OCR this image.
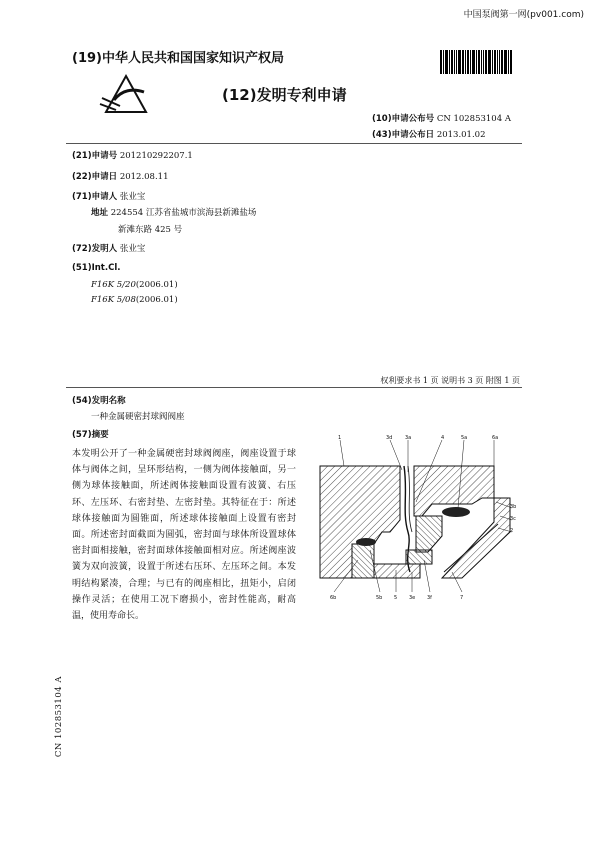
中国泵阀第一网(pv001.com)
(19)中华人民共和国国家知识产权局
(12)发明专利申请
(10)申请公布号 CN 102853104 A
(43)申请公布日 2013.01.02
(21)申请号 201210292207.1
(22)申请日 2012.08.11
(71)申请人 张业宝
地址 224554 江苏省盐城市滨海县新滩盐场
新滩东路 425 号
(72)发明人 张业宝
(51)Int.Cl.
F16K 5/20(2006.01)
F16K 5/08(2006.01)
权利要求书 1 页 说明书 3 页 附图 1 页
(54)发明名称
一种金属硬密封球阀阀座
(57)摘要
本发明公开了一种金属硬密封球阀阀座，阀座设置于球体与阀体之间，呈环形结构，一侧为阀体接触面，另一侧为球体接触面，所述阀体接触面设置有波簧、右压环、左压环、右密封垫、左密封垫。其特征在于：所述球体接触面为圆锥面，所述球体接触面上设置有密封面。所述密封面截面为圆弧，密封面与球体所设置球体密封面相接触，密封面球体接触面相对应。所述阀座波簧为双向波簧，设置于所述右压环、左压环之间。本发明结构紧凑，合理；与已有的阀座相比，扭矩小，启闭操作灵活；在使用工况下磨损小，密封性能高，耐高温，使用寿命长。
1	3d	3a	4	5a	6a
3b
3c
2
6b	5b 5 3e 3f	7
CN 102853104 A
